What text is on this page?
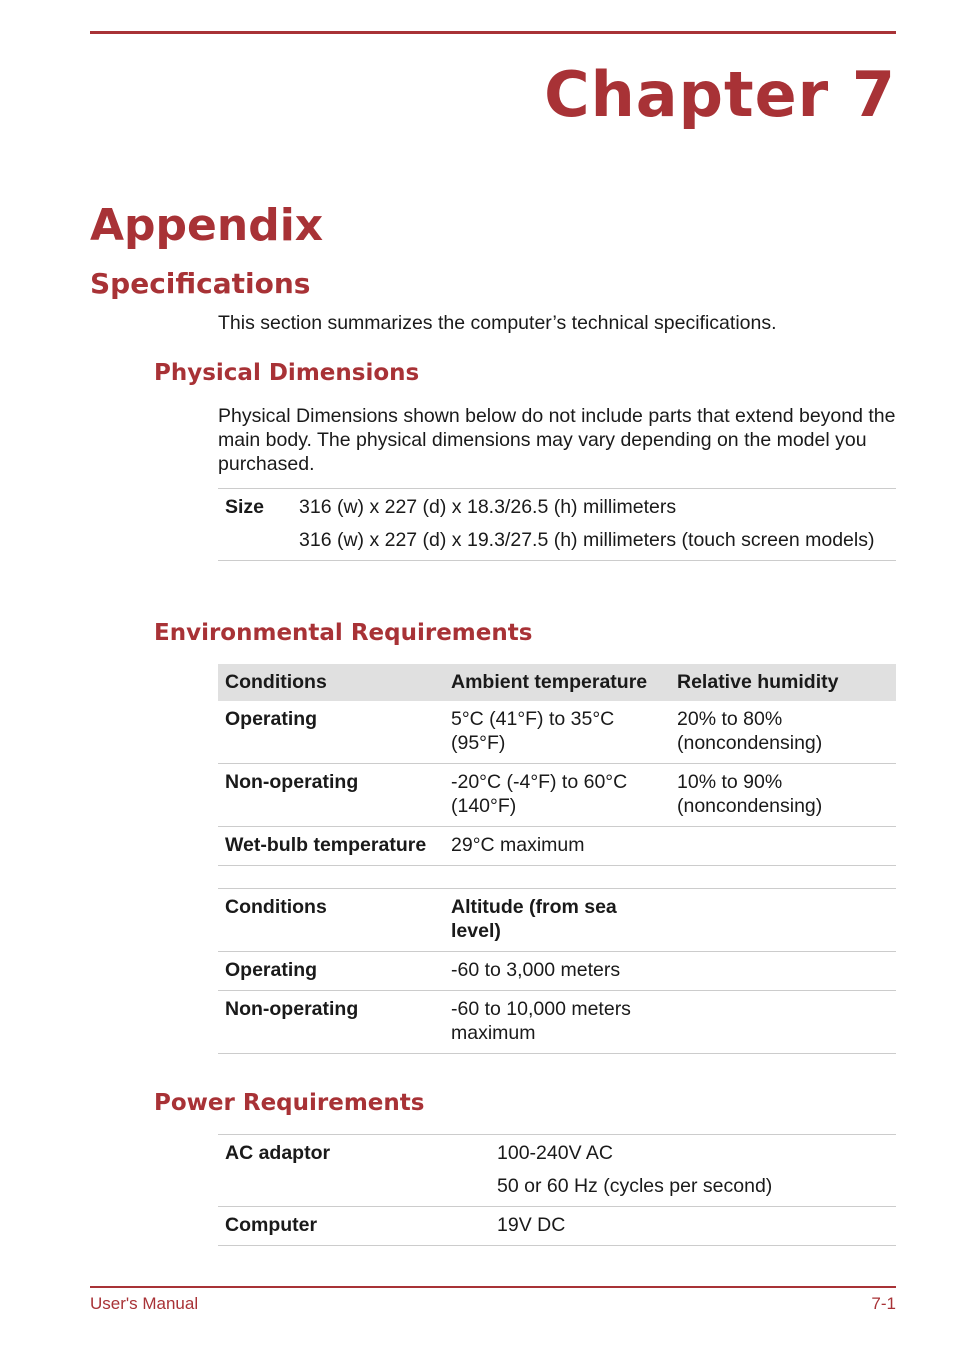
Chapter 7
Appendix
Specifications

This section summarizes the computer’s technical specifications.

Physical Dimensions

Physical Dimensions shown below do not include parts that extend beyond the main body. The physical dimensions may vary depending on the model you purchased.

Size	316 (w) x 227 (d) x 18.3/26.5 (h) millimeters
316 (w) x 227 (d) x 19.3/27.5 (h) millimeters (touch screen models)
Environmental Requirements
Conditions	Ambient temperature	Relative humidity
Operating	5°C (41°F) to 35°C (95°F)	20% to 80% (noncondensing)
Non-operating	-20°C (-4°F) to 60°C (140°F)	10% to 90% (noncondensing)
Wet-bulb temperature	29°C maximum	
Conditions	Altitude (from sea level)	
Operating	-60 to 3,000 meters	
Non-operating	-60 to 10,000 meters maximum	
Power Requirements
AC adaptor	100-240V AC
50 or 60 Hz (cycles per second)

Computer	19V DC
User's Manual	7-1
